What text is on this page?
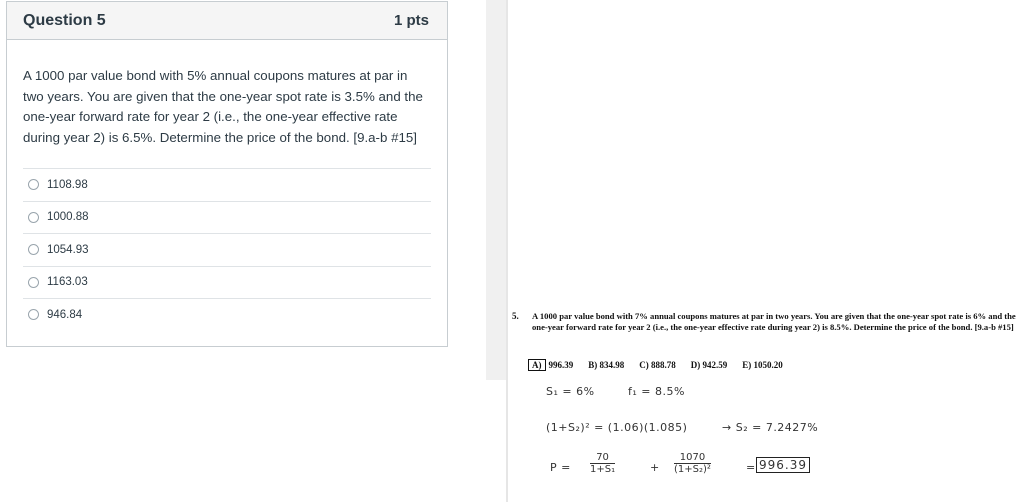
Question 5	1 pts
A 1000 par value bond with 5% annual coupons matures at par in two years. You are given that the one-year spot rate is 3.5% and the one-year forward rate for year 2 (i.e., the one-year effective rate during year 2) is 6.5%. Determine the price of the bond. [9.a-b #15]
1108.98
1000.88
1054.93
1163.03
946.84	5. A 1000 par value bond with 7% annual coupons matures at par in two years. You are given that the one-year spot rate is 6% and the one-year forward rate for year 2 (i.e., the one-year effective rate during year 2) is 8.5%. Determine the price of the bond. [9.a-b #15]
A) 996.39 B) 834.98 C) 888.78 D) 942.59 E) 1050.20
S₁ = 6%	f₁ = 8.5%
(1+S₂)² = (1.06)(1.085)	→ S₂ = 7.2427%
$P = \frac{70}{\text{1+S₁}}$	+ $\frac{1070}{\text{(1+S₂)²}}$	= 996.39
